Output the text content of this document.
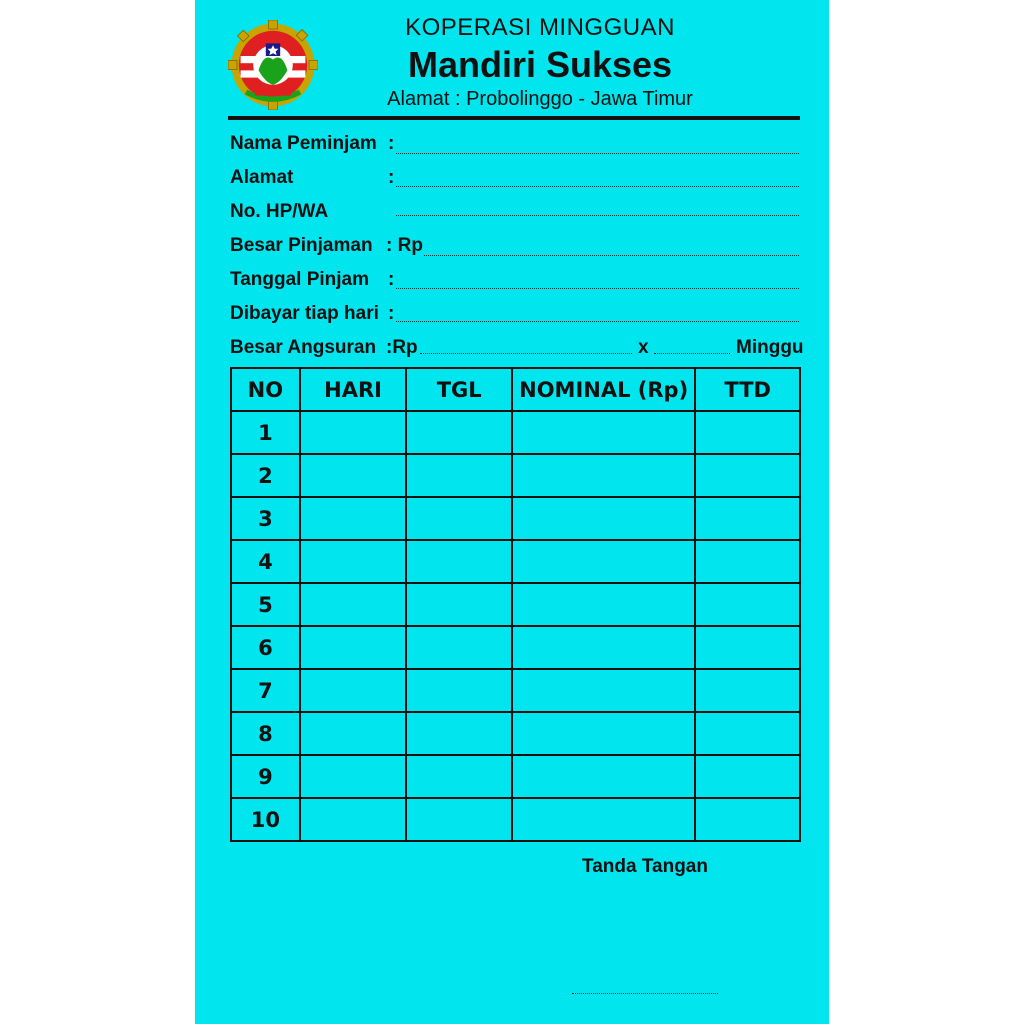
KOPERASI MINGGUAN
Mandiri Sukses
Alamat : Probolinggo - Jawa Timur
Nama Peminjam :
Alamat	:
No. HP/WA
Besar Pinjaman : Rp
Tanggal Pinjam :
Dibayar tiap hari :
Besar Angsuran :Rp	x	Minggu
NO	HARI	TGL	NOMINAL (Rp)	TTD
1				
2				
3				
4				
5				
6				
7				
8				
9				
10				
Tanda Tangan
